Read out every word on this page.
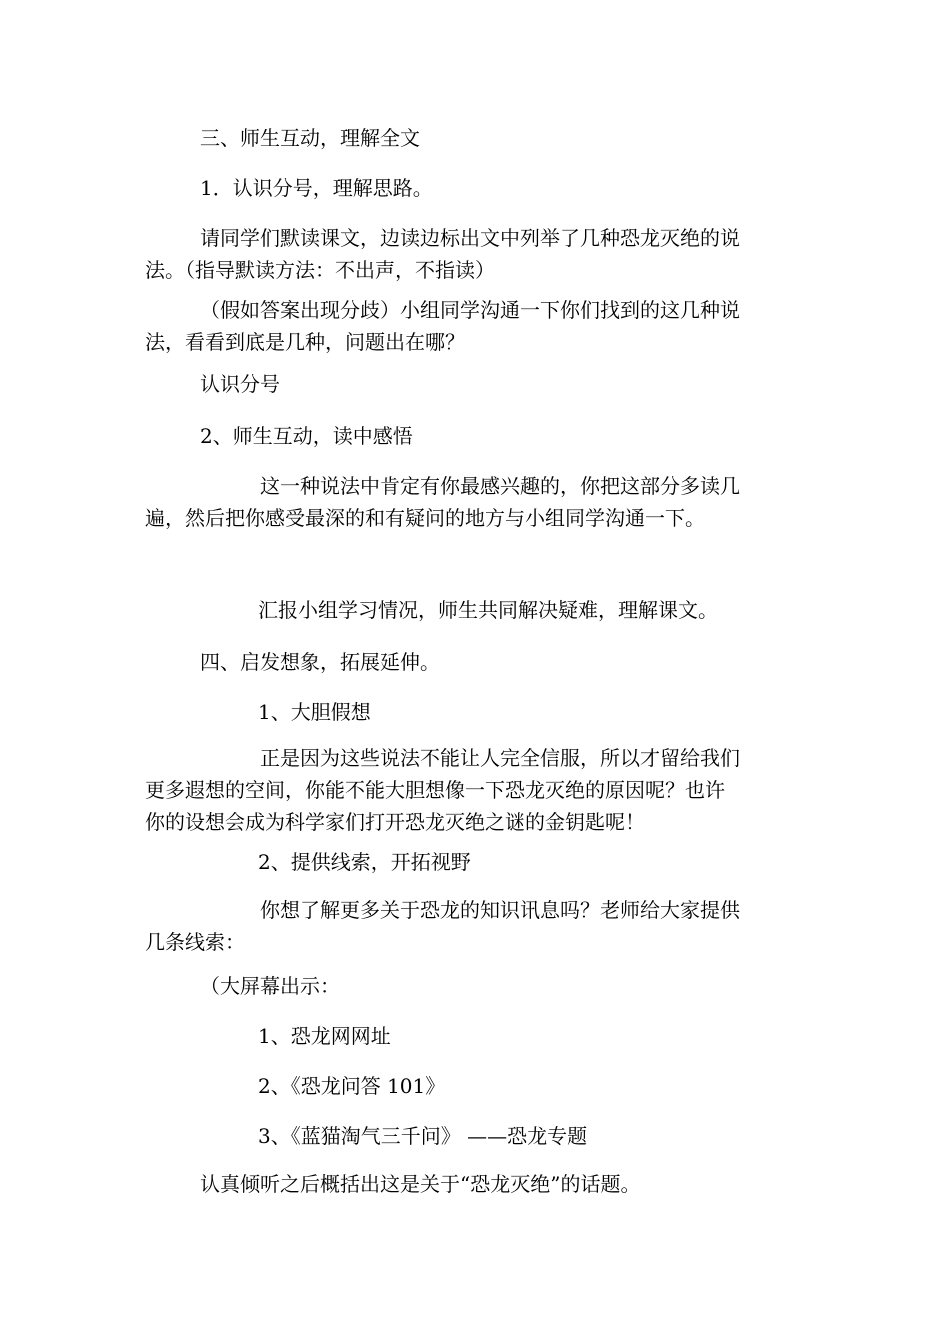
三、师生互动，理解全文

1．认识分号，理解思路。

请同学们默读课文，边读边标出文中列举了几种恐龙灭绝的说
法。（指导默读方法：不出声，不指读）
（假如答案出现分歧）小组同学沟通一下你们找到的这几种说
法，看看到底是几种，问题出在哪？

认识分号

2、师生互动，读中感悟

这一种说法中肯定有你最感兴趣的，你把这部分多读几
遍，然后把你感受最深的和有疑问的地方与小组同学沟通一下。

汇报小组学习情况，师生共同解决疑难，理解课文。

四、启发想象，拓展延伸。

1、大胆假想

正是因为这些说法不能让人完全信服，所以才留给我们
更多遐想的空间，你能不能大胆想像一下恐龙灭绝的原因呢？也许
你的设想会成为科学家们打开恐龙灭绝之谜的金钥匙呢！

2、提供线索，开拓视野

你想了解更多关于恐龙的知识讯息吗？老师给大家提供
几条线索：

（大屏幕出示：

1、恐龙网网址

2、《恐龙问答 101》

3、《蓝猫淘气三千问》 ——恐龙专题

认真倾听之后概括出这是关于“恐龙灭绝”的话题。
